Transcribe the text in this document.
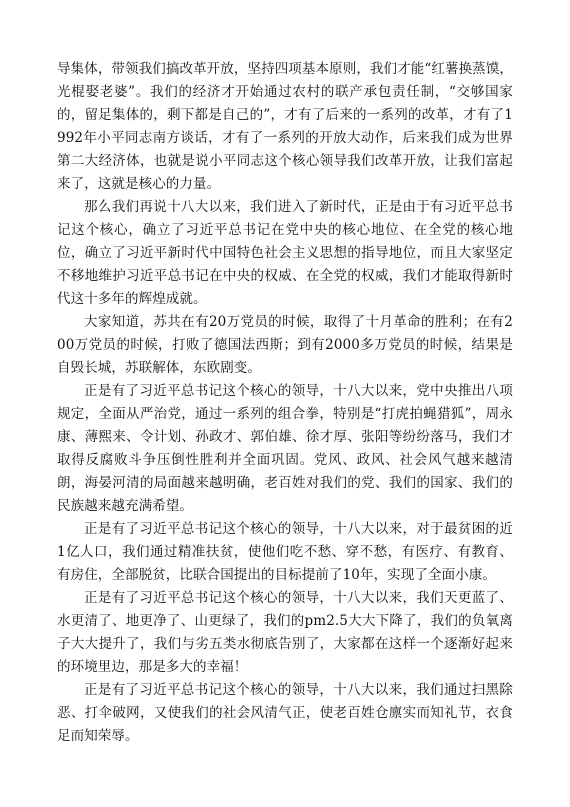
导集体，带领我们搞改革开放，坚持四项基本原则，我们才能“红薯换蒸馍，光棍娶老婆”。我们的经济才开始通过农村的联产承包责任制，“交够国家的，留足集体的，剩下都是自己的”，才有了后来的一系列的改革，才有了1992年小平同志南方谈话，才有了一系列的开放大动作，后来我们成为世界第二大经济体，也就是说小平同志这个核心领导我们改革开放，让我们富起来了，这就是核心的力量。

那么我们再说十八大以来，我们进入了新时代，正是由于有习近平总书记这个核心，确立了习近平总书记在党中央的核心地位、在全党的核心地位，确立了习近平新时代中国特色社会主义思想的指导地位，而且大家坚定不移地维护习近平总书记在中央的权威、在全党的权威，我们才能取得新时代这十多年的辉煌成就。

大家知道，苏共在有20万党员的时候，取得了十月革命的胜利；在有200万党员的时候，打败了德国法西斯；到有2000多万党员的时候，结果是自毁长城，苏联解体，东欧剧变。

正是有了习近平总书记这个核心的领导，十八大以来，党中央推出八项规定，全面从严治党，通过一系列的组合拳，特别是“打虎拍蝇猎狐”，周永康、薄熙来、令计划、孙政才、郭伯雄、徐才厚、张阳等纷纷落马，我们才取得反腐败斗争压倒性胜利并全面巩固。党风、政风、社会风气越来越清朗，海晏河清的局面越来越明确，老百姓对我们的党、我们的国家、我们的民族越来越充满希望。

正是有了习近平总书记这个核心的领导，十八大以来，对于最贫困的近1亿人口，我们通过精准扶贫，使他们吃不愁、穿不愁，有医疗、有教育、有房住，全部脱贫，比联合国提出的目标提前了10年，实现了全面小康。

正是有了习近平总书记这个核心的领导，十八大以来，我们天更蓝了、水更清了、地更净了、山更绿了，我们的pm2.5大大下降了，我们的负氧离子大大提升了，我们与劣五类水彻底告别了，大家都在这样一个逐渐好起来的环境里边，那是多大的幸福！

正是有了习近平总书记这个核心的领导，十八大以来，我们通过扫黑除恶、打伞破网，又使我们的社会风清气正，使老百姓仓廪实而知礼节，衣食足而知荣辱。
